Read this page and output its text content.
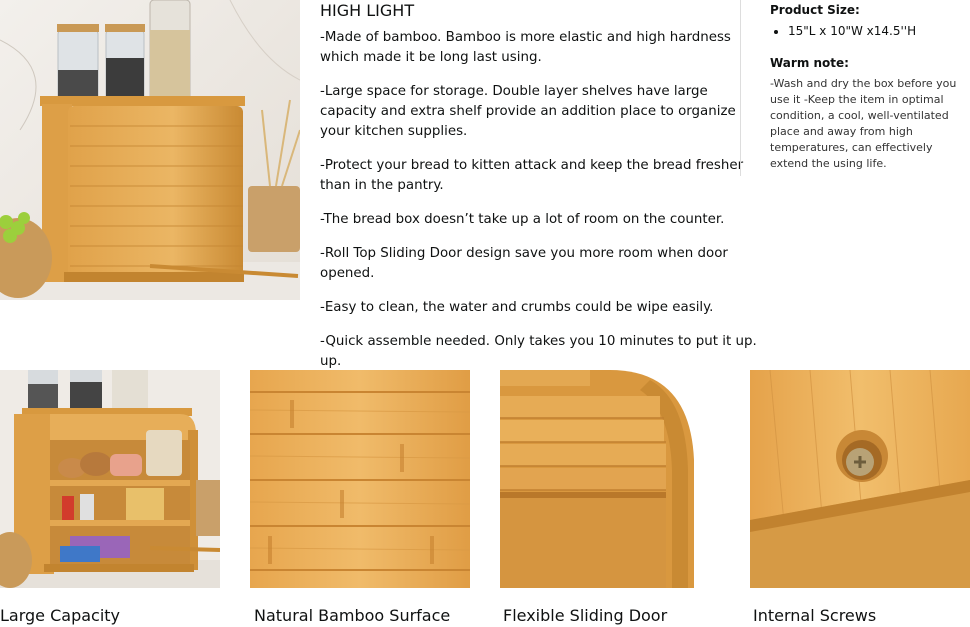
HIGH LIGHT

-Made of bamboo. Bamboo is more elastic and high hardness which made it be long last using.

-Large space for storage. Double layer shelves have large capacity and extra shelf provide an addition place to organize your kitchen supplies.

-Protect your bread to kitten attack and keep the bread fresher than in the pantry.

-The bread box doesn’t take up a lot of room on the counter.

-Roll Top Sliding Door design save you more room when door opened.

-Easy to clean, the water and crumbs could be wipe easily.

-Quick assemble needed. Only takes you 10 minutes to put it up. up.

Product Size:
• 15"L x 10"W x14.5''H
Warm note:

-Wash and dry the box before you use it -Keep the item in optimal condition, a cool, well-ventilated place and away from high temperatures, can effectively extend the using life.

Large Capacity	Natural Bamboo Surface	Flexible Sliding Door	Internal Screws
